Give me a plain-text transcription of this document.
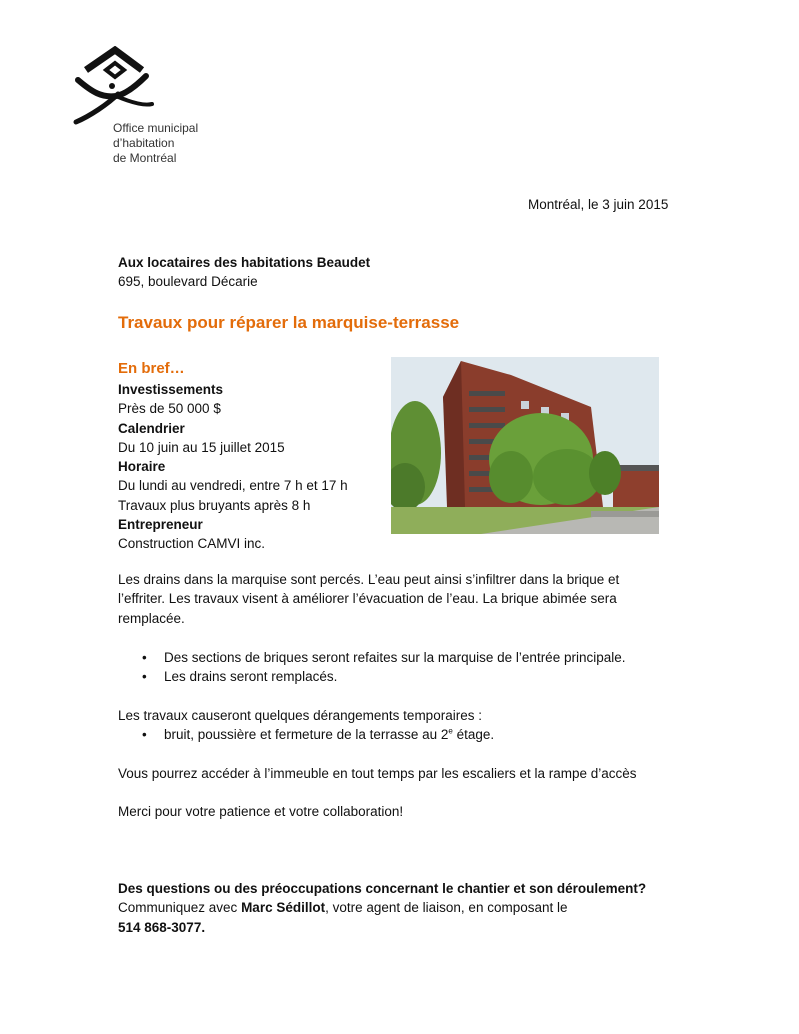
Office municipal
d’habitation
de Montréal
Montréal, le 3 juin 2015
Aux locataires des habitations Beaudet
695, boulevard Décarie
Travaux pour réparer la marquise-terrasse
En bref…
Investissements
Près de 50 000 $
Calendrier
Du 10 juin au 15 juillet 2015
Horaire
Du lundi au vendredi, entre 7 h et 17 h
Travaux plus bruyants après 8 h
Entrepreneur
Construction CAMVI inc.
Les drains dans la marquise sont percés. L’eau peut ainsi s’infiltrer dans la brique et
l’effriter. Les travaux visent à améliorer l’évacuation de l’eau. La brique abimée sera
remplacée.
• Des sections de briques seront refaites sur la marquise de l’entrée principale.
• Les drains seront remplacés.
Les travaux causeront quelques dérangements temporaires :
• bruit, poussière et fermeture de la terrasse au 2e étage.
Vous pourrez accéder à l’immeuble en tout temps par les escaliers et la rampe d’accès
Merci pour votre patience et votre collaboration!
Des questions ou des préoccupations concernant le chantier et son déroulement?
Communiquez avec Marc Sédillot, votre agent de liaison, en composant le
514 868-3077.
